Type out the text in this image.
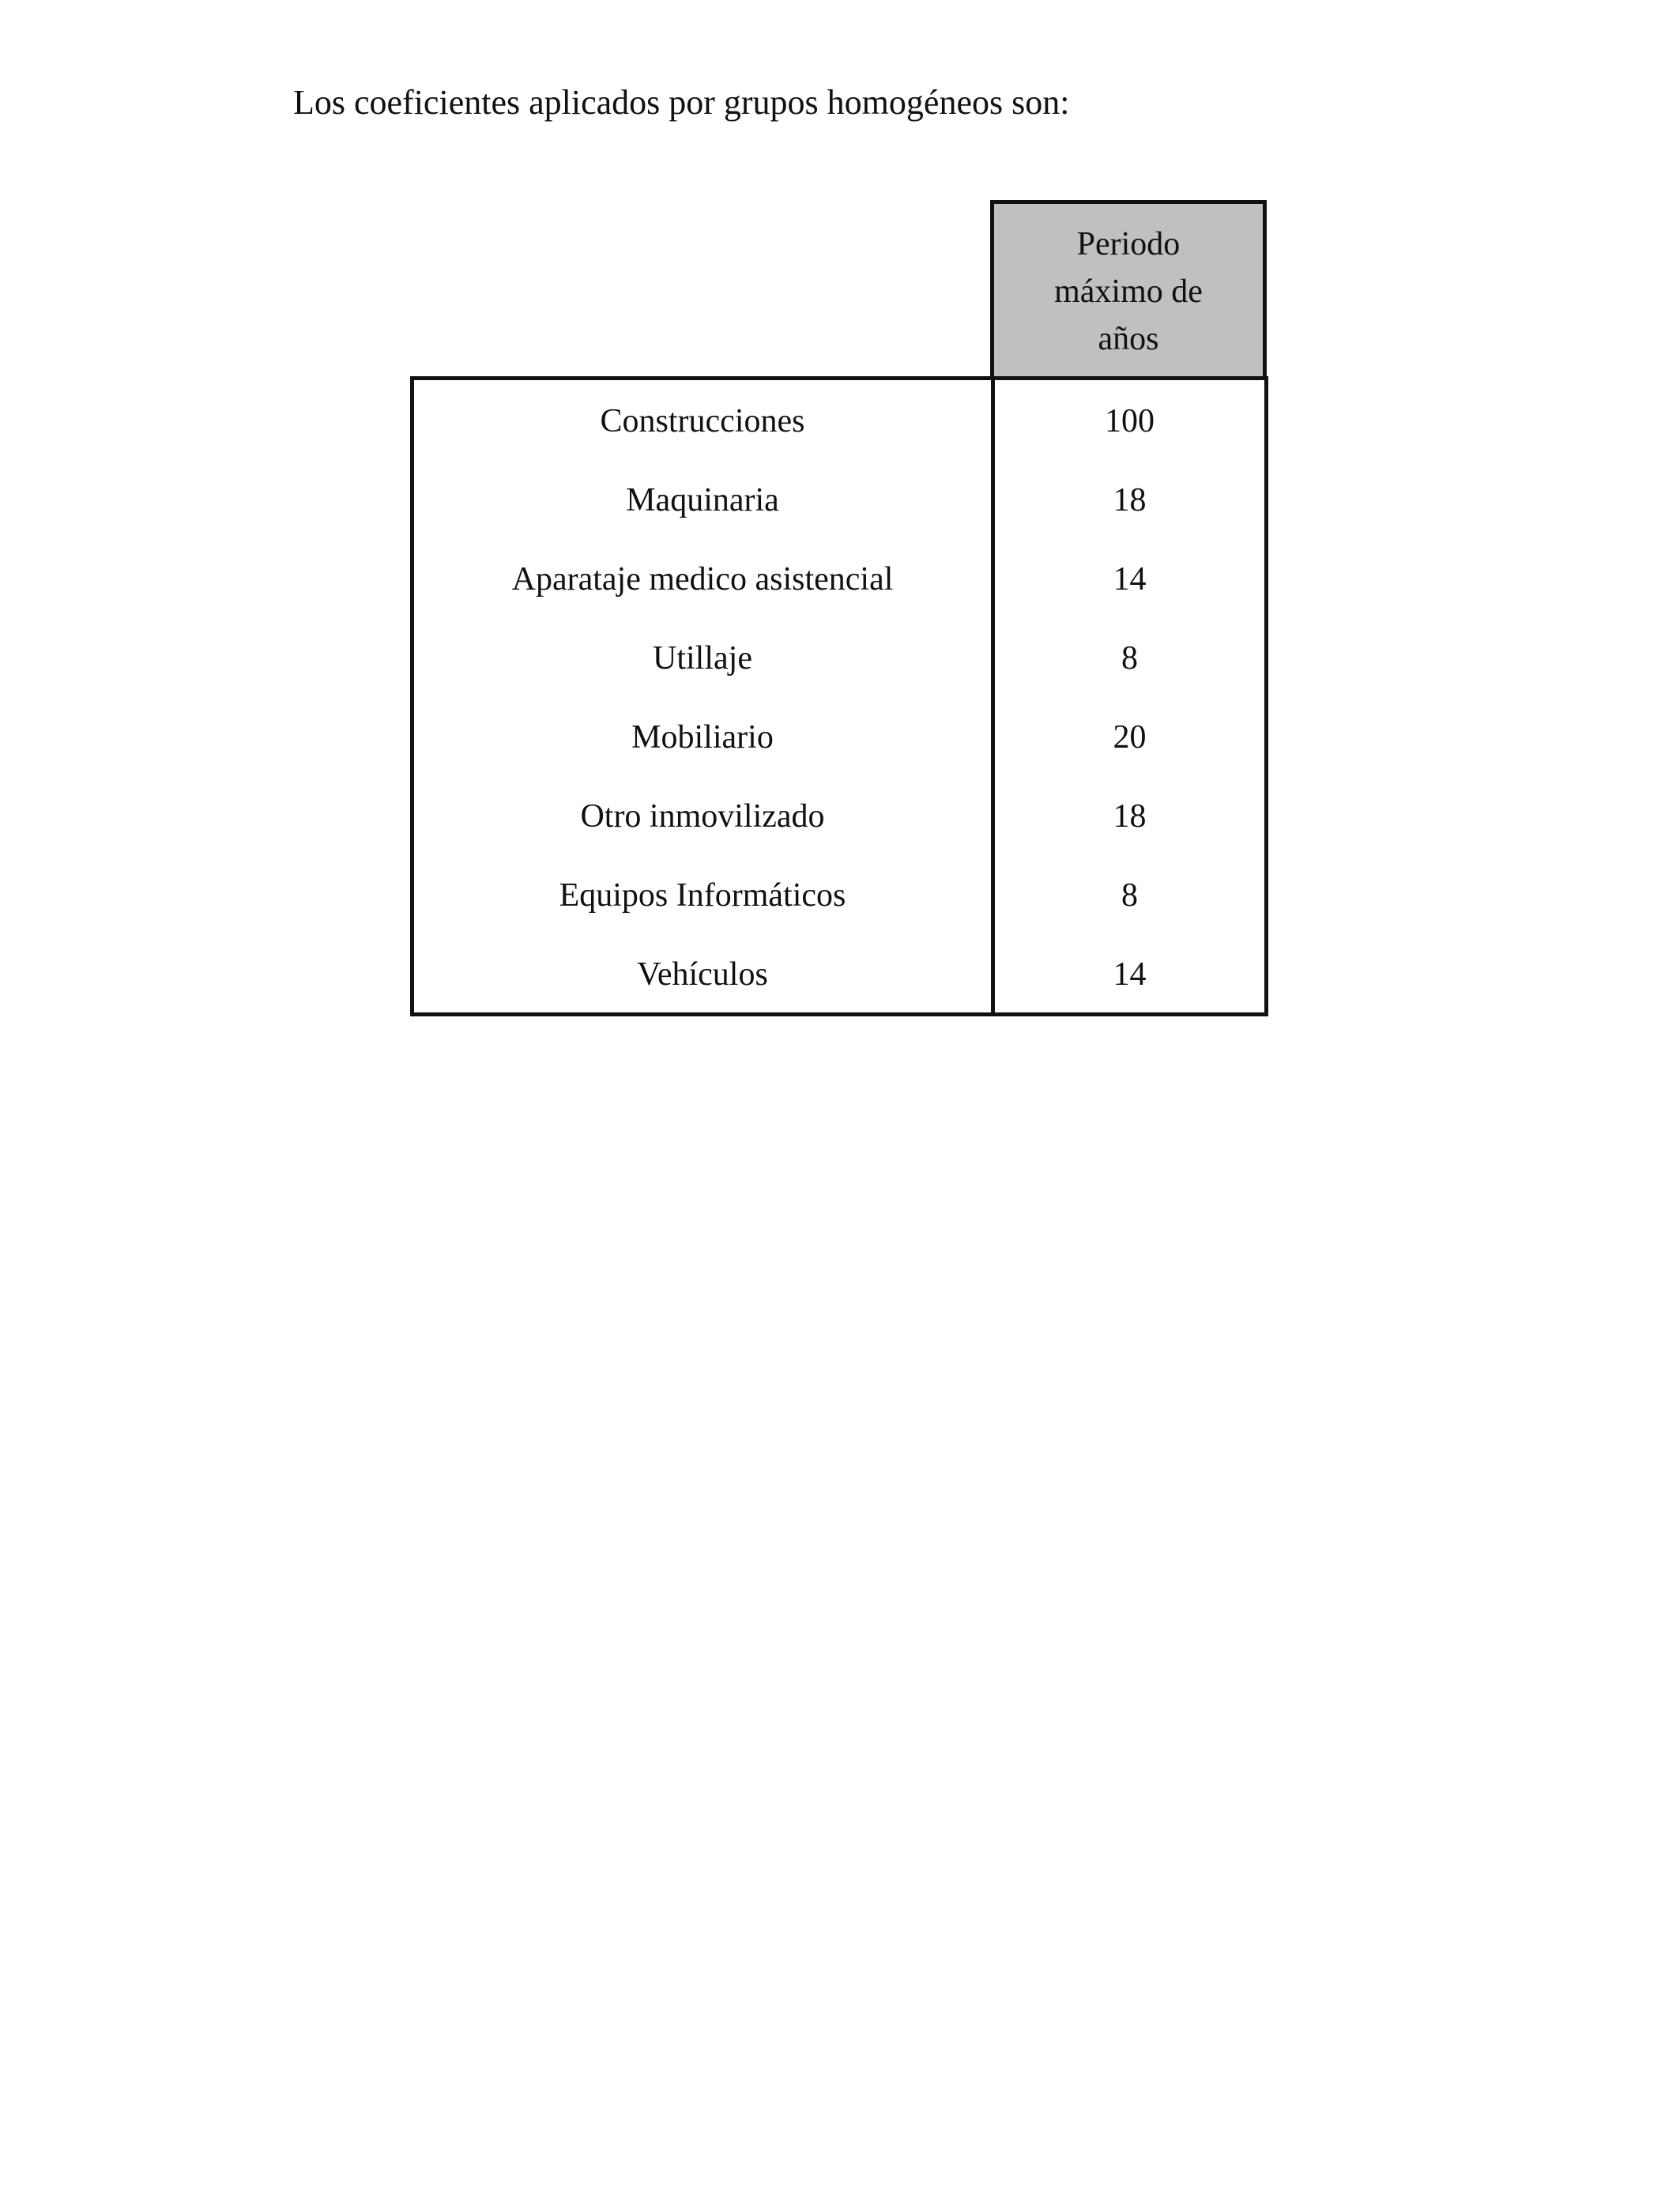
Los coeficientes aplicados por grupos homogéneos son:
Periodo
máximo de
años
Construcciones	100
Maquinaria	18
Aparataje medico asistencial	14
Utillaje	8
Mobiliario	20
Otro inmovilizado	18
Equipos Informáticos	8
Vehículos	14
